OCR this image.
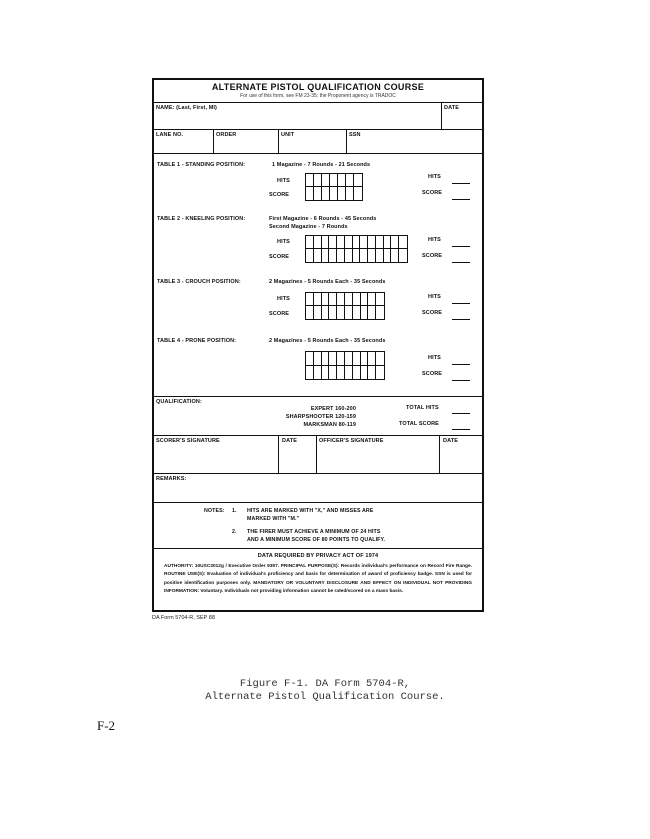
ALTERNATE PISTOL QUALIFICATION COURSE
For use of this form, see FM 23-35; the Proponent agency is TRADOC
NAME: (Last, First, MI)	DATE
LANE NO.	ORDER	UNIT	SSN
TABLE 1 - STANDING POSITION:	1 Magazine - 7 Rounds - 21 Seconds
HITS
SCORE
HITS
SCORE
TABLE 2 - KNEELING POSITION:	First Magazine - 6 Rounds - 45 Seconds
Second Magazine - 7 Rounds
HITS
SCORE
HITS
SCORE
TABLE 3 - CROUCH POSITION:	2 Magazines - 5 Rounds Each - 35 Seconds
HITS
SCORE
HITS
SCORE
TABLE 4 - PRONE POSITION:	2 Magazines - 5 Rounds Each - 35 Seconds
HITS
SCORE
QUALIFICATION:
EXPERT 160-200
SHARPSHOOTER 120-159
MARKSMAN 80-119
TOTAL HITS
TOTAL SCORE
SCORER'S SIGNATURE	DATE	OFFICER'S SIGNATURE	DATE
REMARKS:
NOTES: 1. HITS ARE MARKED WITH "X," AND MISSES ARE
MARKED WITH "M."
2. THE FIRER MUST ACHIEVE A MINIMUM OF 24 HITS
AND A MINIMUM SCORE OF 80 POINTS TO QUALIFY.
DATA REQUIRED BY PRIVACY ACT OF 1974
AUTHORITY: 10USC3012g / Executive Order 9397. PRINCIPAL PURPOSE(S): Records individual's performance on Record Fire Range. ROUTINE USE(S): Evaluation of individual's proficiency and basis for determination of award of proficiency badge. SSN is used for positive identification purposes only. MANDATORY OR VOLUNTARY DISCLOSURE AND EFFECT ON INDIVIDUAL NOT PROVIDING INFORMATION: Voluntary. Individuals not providing information cannot be rated/scored on a mass basis.
DA Form 5704-R, SEP 88
Figure F-1. DA Form 5704-R,
Alternate Pistol Qualification Course.
F-2
